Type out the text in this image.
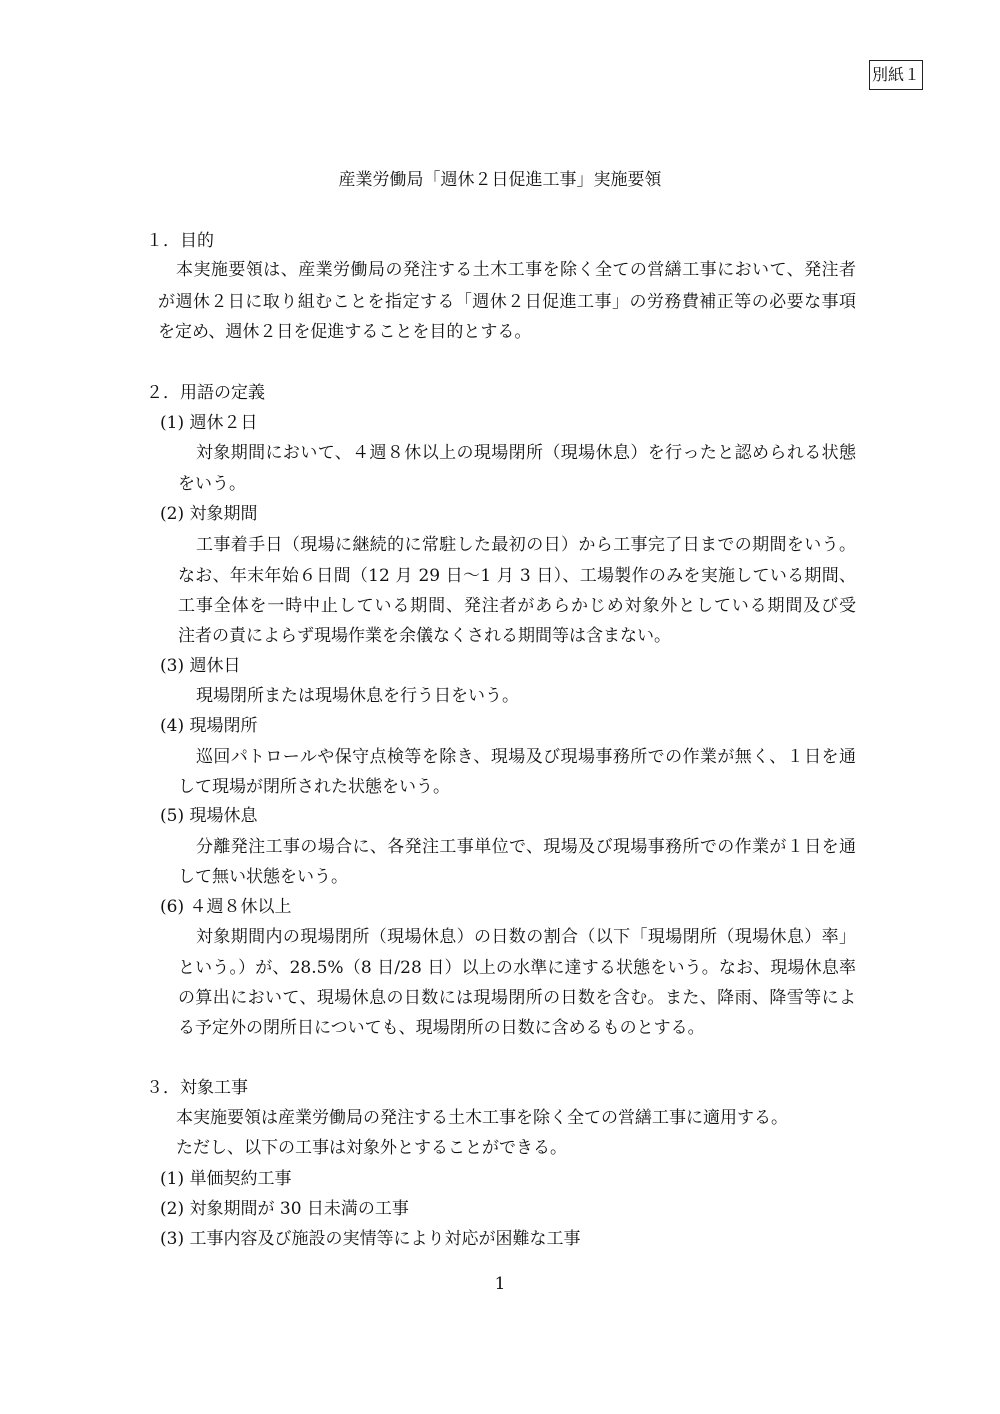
別紙１
産業労働局「週休２日促進工事」実施要領
１．目的
本実施要領は、産業労働局の発注する土木工事を除く全ての営繕工事において、発注者
が週休２日に取り組むことを指定する「週休２日促進工事」の労務費補正等の必要な事項
を定め、週休２日を促進することを目的とする。
２．用語の定義
(1) 週休２日
対象期間において、４週８休以上の現場閉所（現場休息）を行ったと認められる状態
をいう。
(2) 対象期間
工事着手日（現場に継続的に常駐した最初の日）から工事完了日までの期間をいう。
なお、年末年始６日間（12 月 29 日～1 月 3 日）、工場製作のみを実施している期間、
工事全体を一時中止している期間、発注者があらかじめ対象外としている期間及び受
注者の責によらず現場作業を余儀なくされる期間等は含まない。
(3) 週休日
現場閉所または現場休息を行う日をいう。
(4) 現場閉所
巡回パトロールや保守点検等を除き、現場及び現場事務所での作業が無く、１日を通
して現場が閉所された状態をいう。
(5) 現場休息
分離発注工事の場合に、各発注工事単位で、現場及び現場事務所での作業が１日を通
して無い状態をいう。
(6) ４週８休以上
対象期間内の現場閉所（現場休息）の日数の割合（以下「現場閉所（現場休息）率」
という。）が、28.5%（8 日/28 日）以上の水準に達する状態をいう。なお、現場休息率
の算出において、現場休息の日数には現場閉所の日数を含む。また、降雨、降雪等によ
る予定外の閉所日についても、現場閉所の日数に含めるものとする。
３．対象工事
本実施要領は産業労働局の発注する土木工事を除く全ての営繕工事に適用する。
ただし、以下の工事は対象外とすることができる。
(1) 単価契約工事
(2) 対象期間が 30 日未満の工事
(3) 工事内容及び施設の実情等により対応が困難な工事
1
